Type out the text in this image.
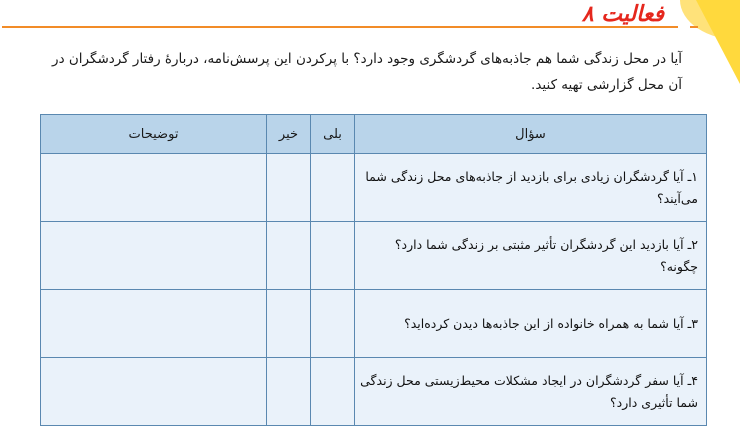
فعالیت ۸
آیا در محل زندگی شما هم جاذبه‌های گردشگری وجود دارد؟ با پرکردن این پرسش‌نامه، دربارهٔ رفتار گردشگران در آن محل گزارشی تهیه کنید.
سؤال	بلی	خیر	توضیحات
۱ـ آیا گردشگران زیادی برای بازدید از جاذبه‌های محل زندگی شما می‌آیند؟			
۲ـ آیا بازدید این گردشگران تأثیر مثبتی بر زندگی شما دارد؟ چگونه؟			
۳ـ آیا شما به همراه خانواده از این جاذبه‌ها دیدن کرده‌اید؟			
۴ـ آیا سفر گردشگران در ایجاد مشکلات محیط‌زیستی محل زندگی شما تأثیری دارد؟			
